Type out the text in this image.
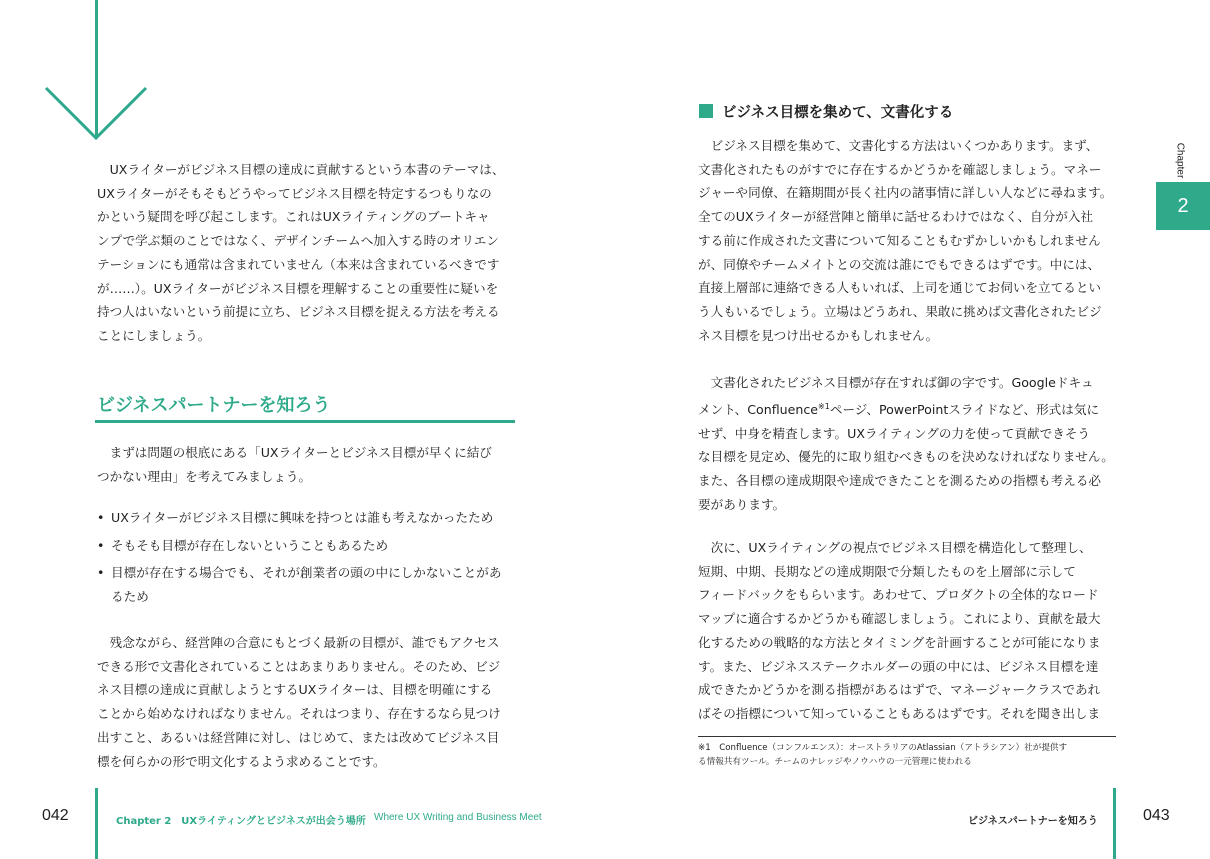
　UXライターがビジネス目標の達成に貢献するという本書のテーマは、
UXライターがそもそもどうやってビジネス目標を特定するつもりなの
かという疑問を呼び起こします。これはUXライティングのブートキャ
ンプで学ぶ類のことではなく、デザインチームへ加入する時のオリエン
テーションにも通常は含まれていません（本来は含まれているべきです
が……）。UXライターがビジネス目標を理解することの重要性に疑いを
持つ人はいないという前提に立ち、ビジネス目標を捉える方法を考える
ことにしましょう。
ビジネスパートナーを知ろう
　まずは問題の根底にある「UXライターとビジネス目標が早くに結び
つかない理由」を考えてみましょう。
• UXライターがビジネス目標に興味を持つとは誰も考えなかったため
• そもそも目標が存在しないということもあるため
• 目標が存在する場合でも、それが創業者の頭の中にしかないことがあ
るため
　残念ながら、経営陣の合意にもとづく最新の目標が、誰でもアクセス
できる形で文書化されていることはあまりありません。そのため、ビジ
ネス目標の達成に貢献しようとするUXライターは、目標を明確にする
ことから始めなければなりません。それはつまり、存在するなら見つけ
出すこと、あるいは経営陣に対し、はじめて、または改めてビジネス目
標を何らかの形で明文化するよう求めることです。
042	Chapter 2　UXライティングとビジネスが出会う場所 Where UX Writing and Business Meet
ビジネス目標を集めて、文書化する
　ビジネス目標を集めて、文書化する方法はいくつかあります。まず、
文書化されたものがすでに存在するかどうかを確認しましょう。マネー
ジャーや同僚、在籍期間が長く社内の諸事情に詳しい人などに尋ねます。
全てのUXライターが経営陣と簡単に話せるわけではなく、自分が入社
する前に作成された文書について知ることもむずかしいかもしれません
が、同僚やチームメイトとの交流は誰にでもできるはずです。中には、
直接上層部に連絡できる人もいれば、上司を通じてお伺いを立てるとい
う人もいるでしょう。立場はどうあれ、果敢に挑めば文書化されたビジ
ネス目標を見つけ出せるかもしれません。
　文書化されたビジネス目標が存在すれば御の字です。Googleドキュ
メント、Confluence$^{※1}$ページ、PowerPointスライドなど、形式は気に
せず、中身を精査します。UXライティングの力を使って貢献できそう
な目標を見定め、優先的に取り組むべきものを決めなければなりません。
また、各目標の達成期限や達成できたことを測るための指標も考える必
要があります。
　次に、UXライティングの視点でビジネス目標を構造化して整理し、
短期、中期、長期などの達成期限で分類したものを上層部に示して
フィードバックをもらいます。あわせて、プロダクトの全体的なロード
マップに適合するかどうかも確認しましょう。これにより、貢献を最大
化するための戦略的な方法とタイミングを計画することが可能になりま
す。また、ビジネスステークホルダーの頭の中には、ビジネス目標を達
成できたかどうかを測る指標があるはずで、マネージャークラスであれ
ばその指標について知っていることもあるはずです。それを聞き出しま
※1　Confluence（コンフルエンス）：オーストラリアのAtlassian（アトラシアン）社が提供す
る情報共有ツール。チームのナレッジやノウハウの一元管理に使われる
Chapter
2
ビジネスパートナーを知ろう	043
